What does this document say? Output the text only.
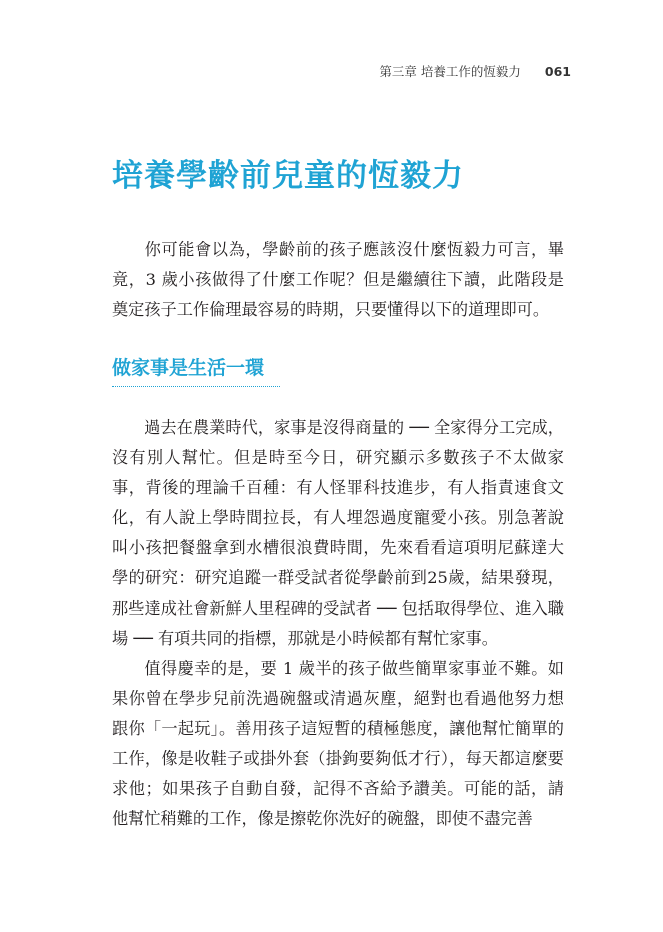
第三章 培養工作的恆毅力 061
培養學齡前兒童的恆毅力

你可能會以為，學齡前的孩子應該沒什麼恆毅力可言，畢竟，3 歲小孩做得了什麼工作呢？但是繼續往下讀，此階段是奠定孩子工作倫理最容易的時期，只要懂得以下的道理即可。

做家事是生活一環
過去在農業時代，家事是沒得商量的 ── 全家得分工完成，沒有別人幫忙。但是時至今日，研究顯示多數孩子不太做家事，背後的理論千百種：有人怪罪科技進步，有人指責速食文化，有人說上學時間拉長，有人埋怨過度寵愛小孩。別急著說叫小孩把餐盤拿到水槽很浪費時間，先來看看這項明尼蘇達大學的研究：研究追蹤一群受試者從學齡前到25歲，結果發現，那些達成社會新鮮人里程碑的受試者 ── 包括取得學位、進入職場 ── 有項共同的指標，那就是小時候都有幫忙家事。
值得慶幸的是，要 1 歲半的孩子做些簡單家事並不難。如果你曾在學步兒前洗過碗盤或清過灰塵，絕對也看過他努力想跟你「一起玩」。善用孩子這短暫的積極態度，讓他幫忙簡單的工作，像是收鞋子或掛外套（掛鉤要夠低才行），每天都這麼要求他；如果孩子自動自發，記得不吝給予讚美。可能的話，請他幫忙稍難的工作，像是擦乾你洗好的碗盤，即使不盡完善
